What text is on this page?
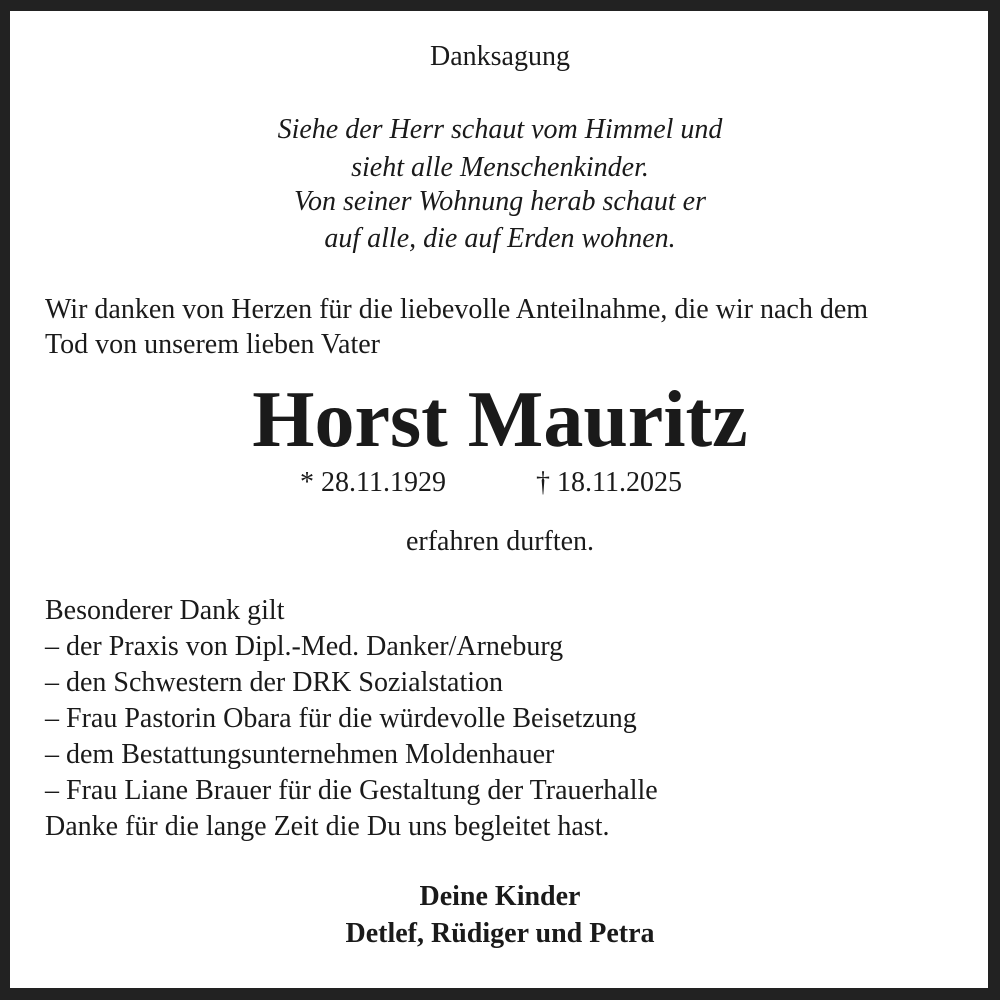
Danksagung

Siehe der Herr schaut vom Himmel und

sieht alle Menschenkinder.

Von seiner Wohnung herab schaut er

auf alle, die auf Erden wohnen.

Wir danken von Herzen für die liebevolle Anteilnahme, die wir nach dem

Tod von unserem lieben Vater

Horst Mauritz

* 28.11.1929	† 18.11.2025

erfahren durften.

Besonderer Dank gilt

– der Praxis von Dipl.-Med. Danker/Arneburg

– den Schwestern der DRK Sozialstation

– Frau Pastorin Obara für die würdevolle Beisetzung

– dem Bestattungsunternehmen Moldenhauer

– Frau Liane Brauer für die Gestaltung der Trauerhalle

Danke für die lange Zeit die Du uns begleitet hast.

Deine Kinder

Detlef, Rüdiger und Petra
